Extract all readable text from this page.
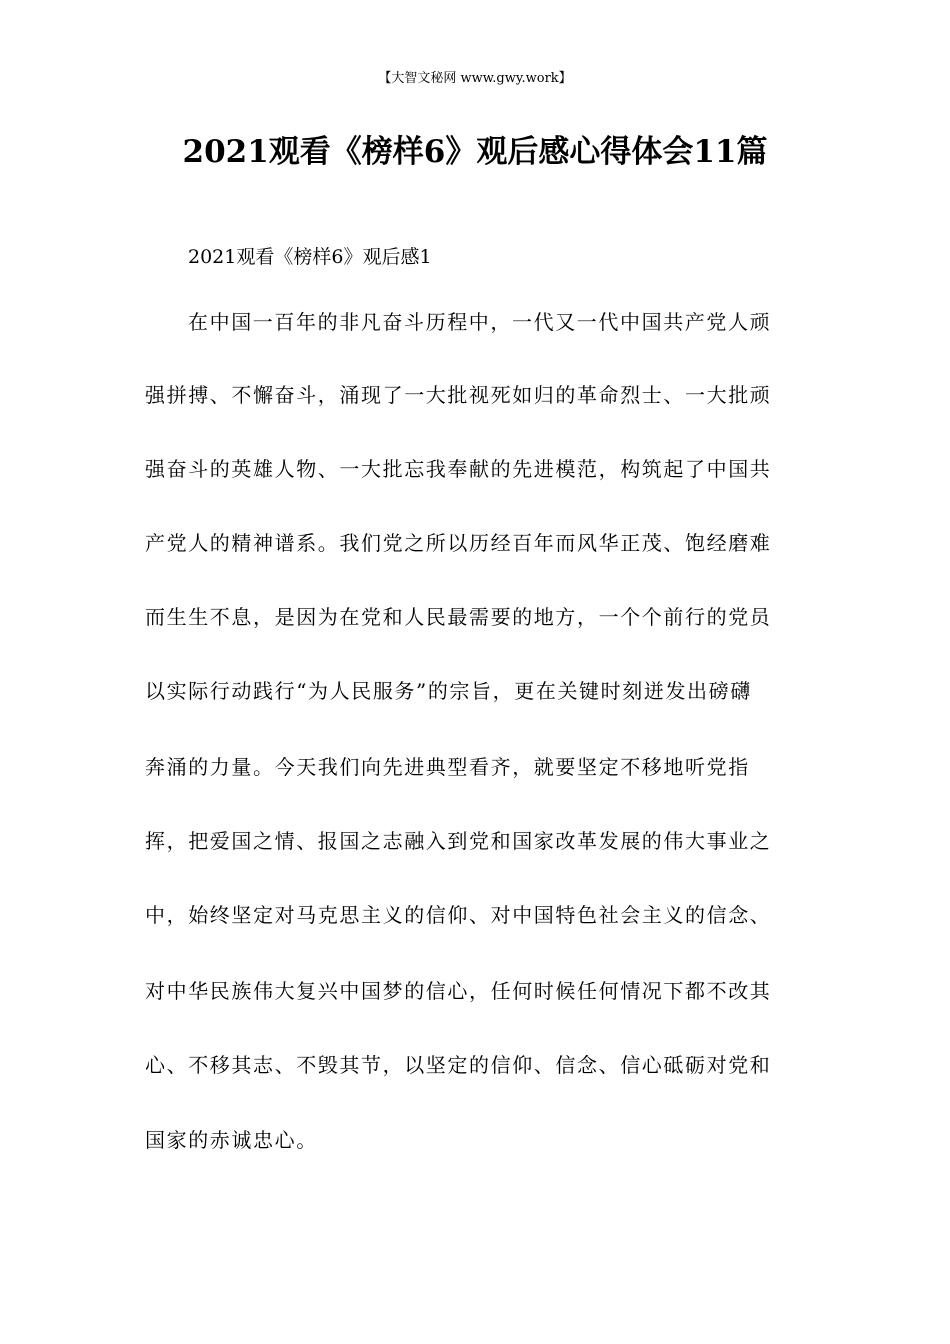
【大智文秘网 www.gwy.work】
2021观看《榜样6》观后感心得体会11篇
2021观看《榜样6》观后感1
在中国一百年的非凡奋斗历程中，一代又一代中国共产党人顽
强拼搏、不懈奋斗，涌现了一大批视死如归的革命烈士、一大批顽
强奋斗的英雄人物、一大批忘我奉献的先进模范，构筑起了中国共
产党人的精神谱系。我们党之所以历经百年而风华正茂、饱经磨难
而生生不息，是因为在党和人民最需要的地方，一个个前行的党员
以实际行动践行“为人民服务”的宗旨，更在关键时刻迸发出磅礴
奔涌的力量。今天我们向先进典型看齐，就要坚定不移地听党指
挥，把爱国之情、报国之志融入到党和国家改革发展的伟大事业之
中，始终坚定对马克思主义的信仰、对中国特色社会主义的信念、
对中华民族伟大复兴中国梦的信心，任何时候任何情况下都不改其
心、不移其志、不毁其节，以坚定的信仰、信念、信心砥砺对党和
国家的赤诚忠心。
